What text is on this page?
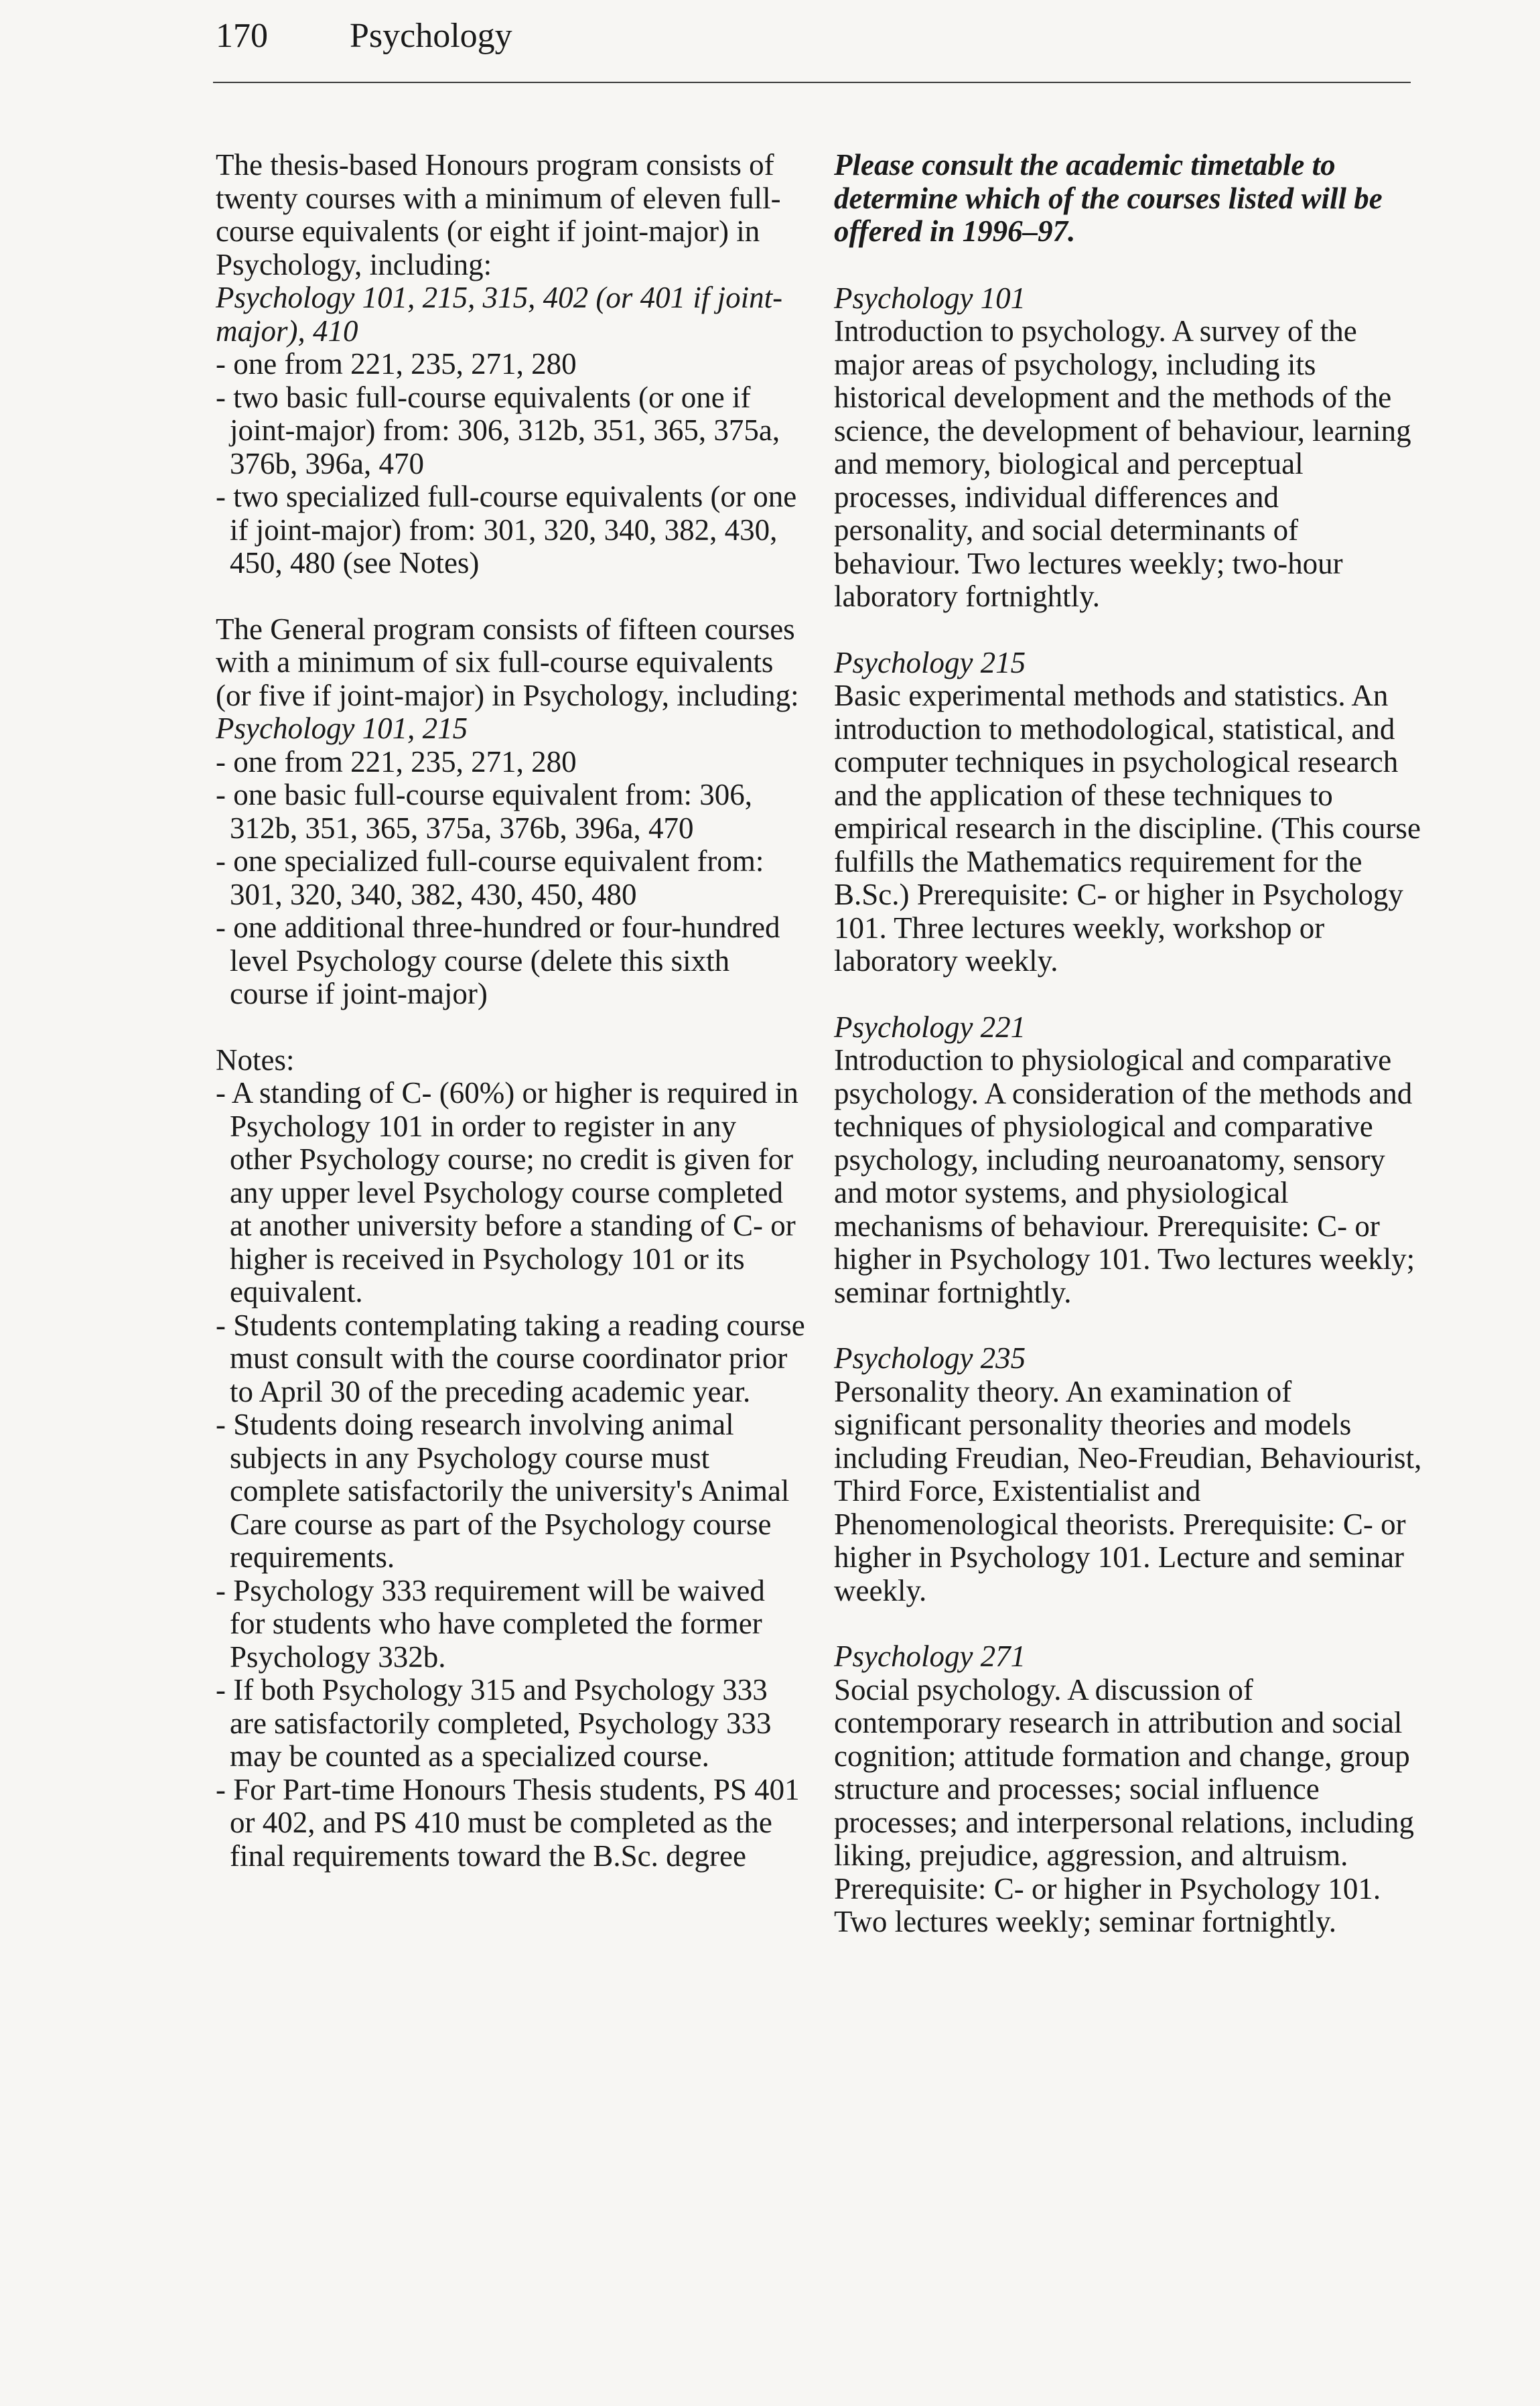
170	Psychology

The thesis-based Honours program consists of twenty courses with a minimum of eleven full-course equivalents (or eight if joint-major) in Psychology, including:

Psychology 101, 215, 315, 402 (or 401 if joint-major), 410

- one from 221, 235, 271, 280

- two basic full-course equivalents (or one if joint-major) from: 306, 312b, 351, 365, 375a, 376b, 396a, 470

- two specialized full-course equivalents (or one if joint-major) from: 301, 320, 340, 382, 430, 450, 480 (see Notes)

The General program consists of fifteen courses with a minimum of six full-course equivalents (or five if joint-major) in Psychology, including:

Psychology 101, 215

- one from 221, 235, 271, 280

- one basic full-course equivalent from: 306, 312b, 351, 365, 375a, 376b, 396a, 470

- one specialized full-course equivalent from: 301, 320, 340, 382, 430, 450, 480

- one additional three-hundred or four-hundred level Psychology course (delete this sixth course if joint-major)

Notes:

- A standing of C- (60%) or higher is required in Psychology 101 in order to register in any other Psychology course; no credit is given for any upper level Psychology course completed at another university before a standing of C- or higher is received in Psychology 101 or its equivalent.

- Students contemplating taking a reading course must consult with the course coordinator prior to April 30 of the preceding academic year.

- Students doing research involving animal subjects in any Psychology course must complete satisfactorily the university's Animal Care course as part of the Psychology course requirements.

- Psychology 333 requirement will be waived for students who have completed the former Psychology 332b.

- If both Psychology 315 and Psychology 333 are satisfactorily completed, Psychology 333 may be counted as a specialized course.

- For Part-time Honours Thesis students, PS 401 or 402, and PS 410 must be completed as the final requirements toward the B.Sc. degree

Please consult the academic timetable to determine which of the courses listed will be offered in 1996–97.

Psychology 101

Introduction to psychology. A survey of the major areas of psychology, including its historical development and the methods of the science, the development of behaviour, learning and memory, biological and perceptual processes, individual differences and personality, and social determinants of behaviour. Two lectures weekly; two-hour laboratory fortnightly.

Psychology 215

Basic experimental methods and statistics. An introduction to methodological, statistical, and computer techniques in psychological research and the application of these techniques to empirical research in the discipline. (This course fulfills the Mathematics requirement for the B.Sc.) Prerequisite: C- or higher in Psychology 101. Three lectures weekly, workshop or laboratory weekly.

Psychology 221

Introduction to physiological and comparative psychology. A consideration of the methods and techniques of physiological and comparative psychology, including neuroanatomy, sensory and motor systems, and physiological mechanisms of behaviour. Prerequisite: C- or higher in Psychology 101. Two lectures weekly; seminar fortnightly.

Psychology 235

Personality theory. An examination of significant personality theories and models including Freudian, Neo-Freudian, Behaviourist, Third Force, Existentialist and Phenomenological theorists. Prerequisite: C- or higher in Psychology 101. Lecture and seminar weekly.

Psychology 271

Social psychology. A discussion of contemporary research in attribution and social cognition; attitude formation and change, group structure and processes; social influence processes; and interpersonal relations, including liking, prejudice, aggression, and altruism. Prerequisite: C- or higher in Psychology 101. Two lectures weekly; seminar fortnightly.
